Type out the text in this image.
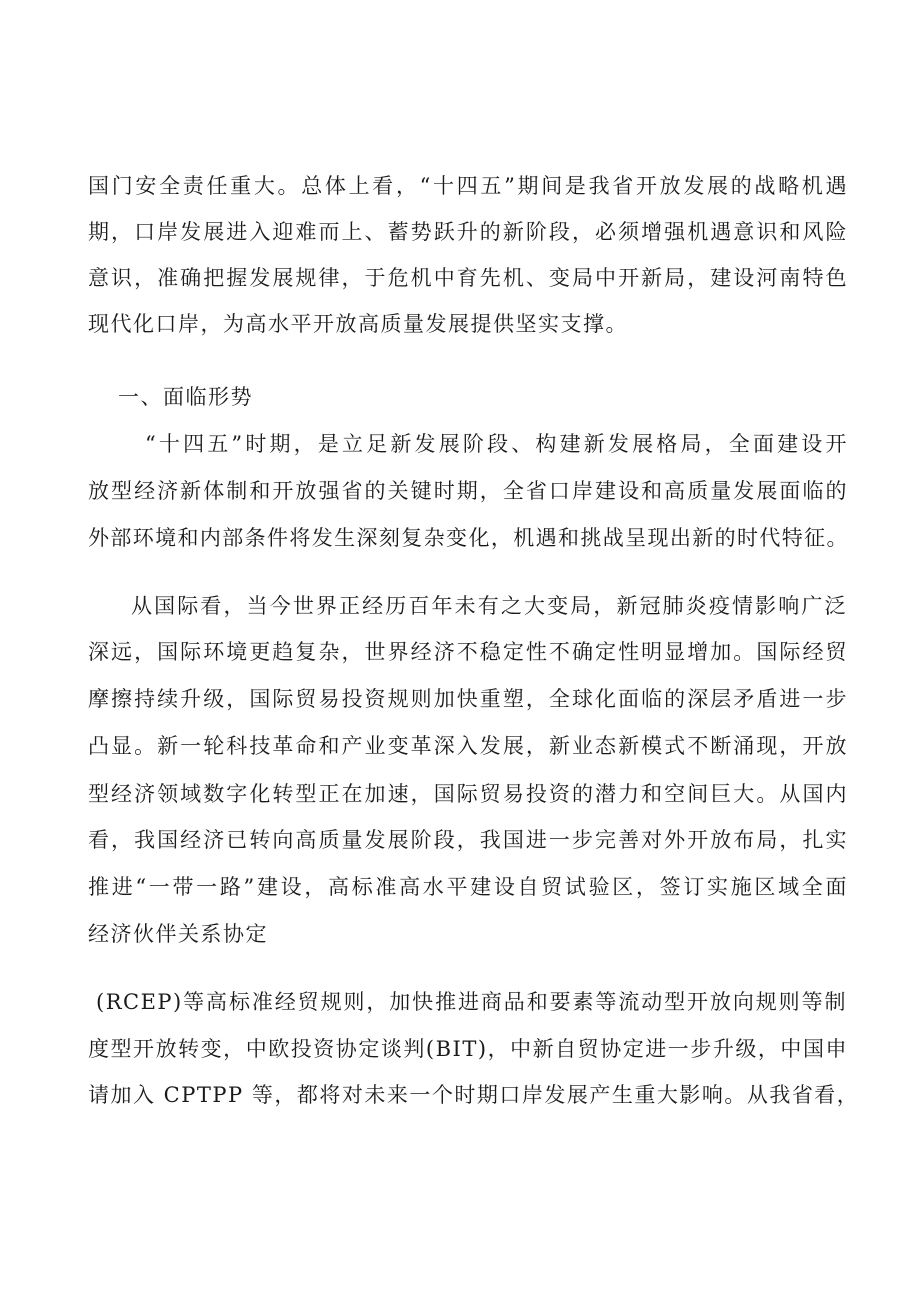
国门安全责任重大。总体上看，“十四五”期间是我省开放发展的战略机遇
期，口岸发展进入迎难而上、蓄势跃升的新阶段，必须增强机遇意识和风险
意识，准确把握发展规律，于危机中育先机、变局中开新局，建设河南特色
现代化口岸，为高水平开放高质量发展提供坚实支撑。
一、面临形势
“十四五”时期，是立足新发展阶段、构建新发展格局，全面建设开
放型经济新体制和开放强省的关键时期，全省口岸建设和高质量发展面临的
外部环境和内部条件将发生深刻复杂变化，机遇和挑战呈现出新的时代特征。
从国际看，当今世界正经历百年未有之大变局，新冠肺炎疫情影响广泛
深远，国际环境更趋复杂，世界经济不稳定性不确定性明显增加。国际经贸
摩擦持续升级，国际贸易投资规则加快重塑，全球化面临的深层矛盾进一步
凸显。新一轮科技革命和产业变革深入发展，新业态新模式不断涌现，开放
型经济领域数字化转型正在加速，国际贸易投资的潜力和空间巨大。从国内
看，我国经济已转向高质量发展阶段，我国进一步完善对外开放布局，扎实
推进“一带一路”建设，高标准高水平建设自贸试验区，签订实施区域全面
经济伙伴关系协定
(RCEP)等高标准经贸规则，加快推进商品和要素等流动型开放向规则等制
度型开放转变，中欧投资协定谈判(BIT)，中新自贸协定进一步升级，中国申
请加入 CPTPP 等，都将对未来一个时期口岸发展产生重大影响。从我省看，
